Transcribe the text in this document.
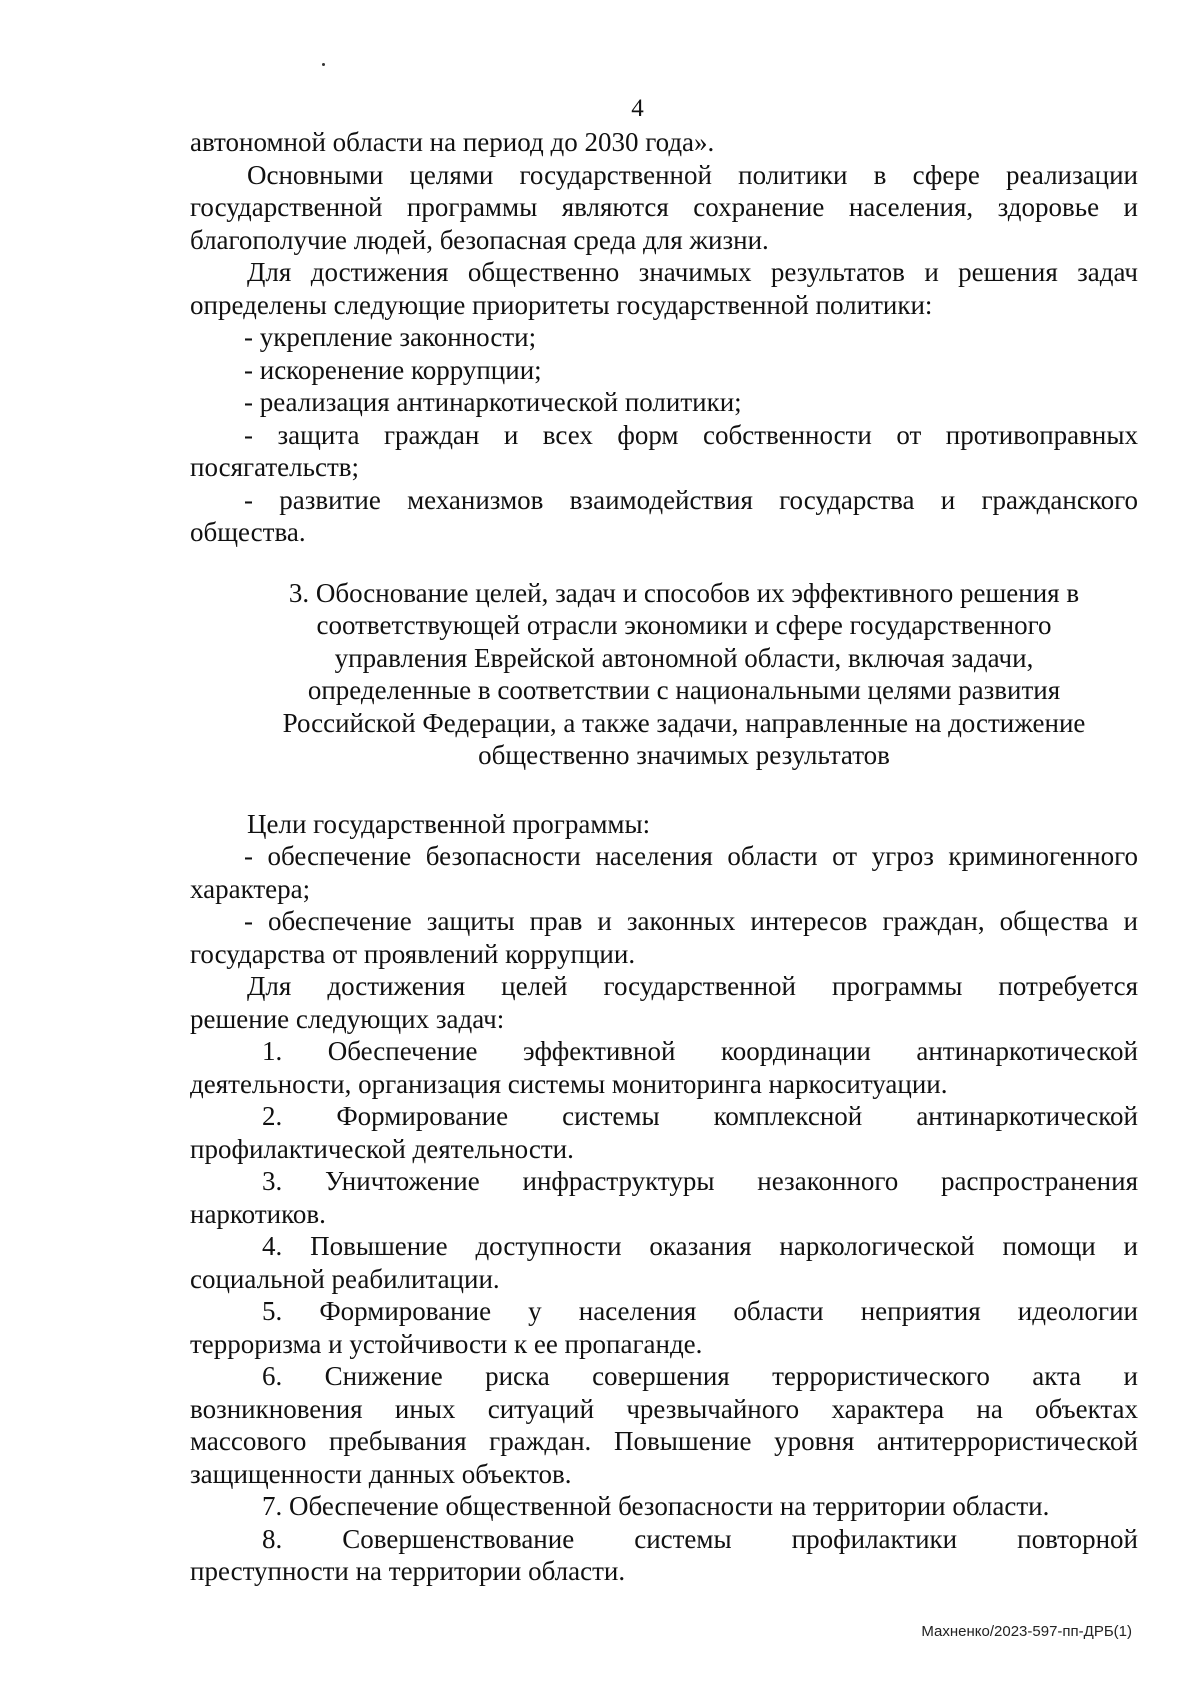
4
автономной области на период до 2030 года».
Основными целями государственной политики в сфере реализации
государственной программы являются сохранение населения, здоровье и
благополучие людей, безопасная среда для жизни.
Для достижения общественно значимых результатов и решения задач
определены следующие приоритеты государственной политики:
- укрепление законности;
- искоренение коррупции;
- реализация антинаркотической политики;
- защита граждан и всех форм собственности от противоправных
посягательств;
- развитие механизмов взаимодействия государства и гражданского
общества.
3. Обоснование целей, задач и способов их эффективного решения в
соответствующей отрасли экономики и сфере государственного
управления Еврейской автономной области, включая задачи,
определенные в соответствии с национальными целями развития
Российской Федерации, а также задачи, направленные на достижение
общественно значимых результатов
Цели государственной программы:
- обеспечение безопасности населения области от угроз криминогенного
характера;
- обеспечение защиты прав и законных интересов граждан, общества и
государства от проявлений коррупции.
Для достижения целей государственной программы потребуется
решение следующих задач:
1. Обеспечение эффективной координации антинаркотической
деятельности, организация системы мониторинга наркоситуации.
2. Формирование системы комплексной антинаркотической
профилактической деятельности.
3. Уничтожение инфраструктуры незаконного распространения
наркотиков.
4. Повышение доступности оказания наркологической помощи и
социальной реабилитации.
5. Формирование у населения области неприятия идеологии
терроризма и устойчивости к ее пропаганде.
6. Снижение риска совершения террористического акта и
возникновения иных ситуаций чрезвычайного характера на объектах
массового пребывания граждан. Повышение уровня антитеррористической
защищенности данных объектов.
7. Обеспечение общественной безопасности на территории области.
8. Совершенствование системы профилактики повторной
преступности на территории области.
Махненко/2023-597-пп-ДРБ(1)
